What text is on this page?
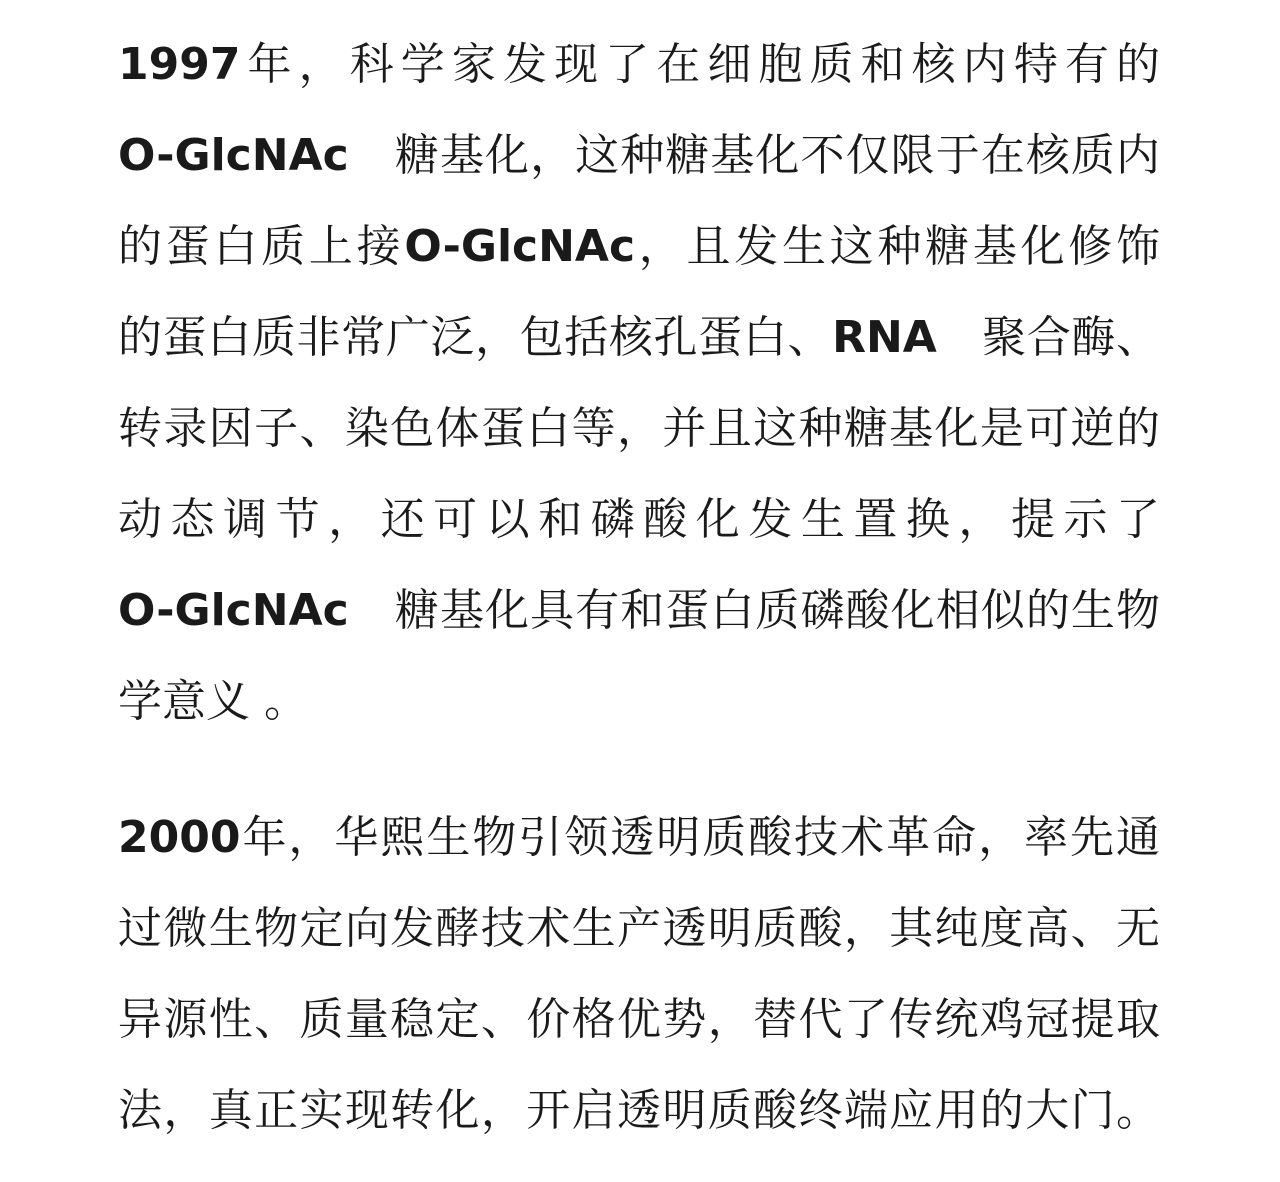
1997年，科学家发现了在细胞质和核内特有的
O-GlcNAc　糖基化，这种糖基化不仅限于在核质内
的蛋白质上接O-GlcNAc，且发生这种糖基化修饰
的蛋白质非常广泛，包括核孔蛋白、RNA　聚合酶、
转录因子、染色体蛋白等，并且这种糖基化是可逆的
动态调节，还可以和磷酸化发生置换，提示了
O-GlcNAc　糖基化具有和蛋白质磷酸化相似的生物
学意义 。
2000年，华熙生物引领透明质酸技术革命，率先通
过微生物定向发酵技术生产透明质酸，其纯度高、无
异源性、质量稳定、价格优势，替代了传统鸡冠提取
法，真正实现转化，开启透明质酸终端应用的大门。
